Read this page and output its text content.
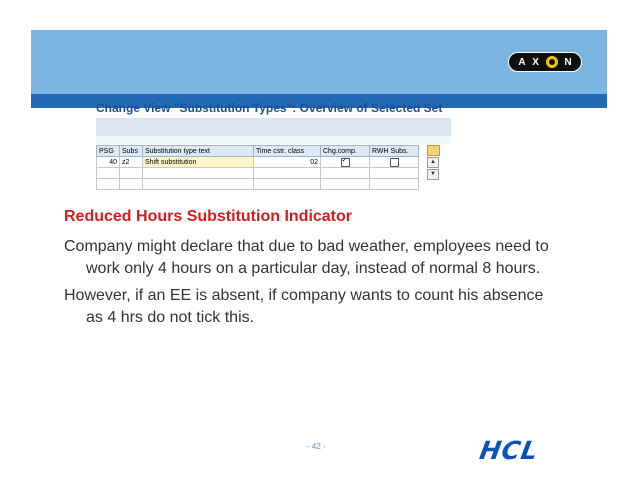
A X	N
Change View "Substitution Types": Overview of Selected Set
PSG	Subs	Substitution type text	Time cstr. class	Chg.comp.	RWH Subs.
40	z2	Shift substitution	02	✓	

						▲
▼
Reduced Hours Substitution Indicator
Company might declare that due to bad weather, employees need to
work only 4 hours on a particular day, instead of normal 8 hours.
However, if an EE is absent, if company wants to count his absence
as 4 hrs do not tick this.
- 42 -	HCL
